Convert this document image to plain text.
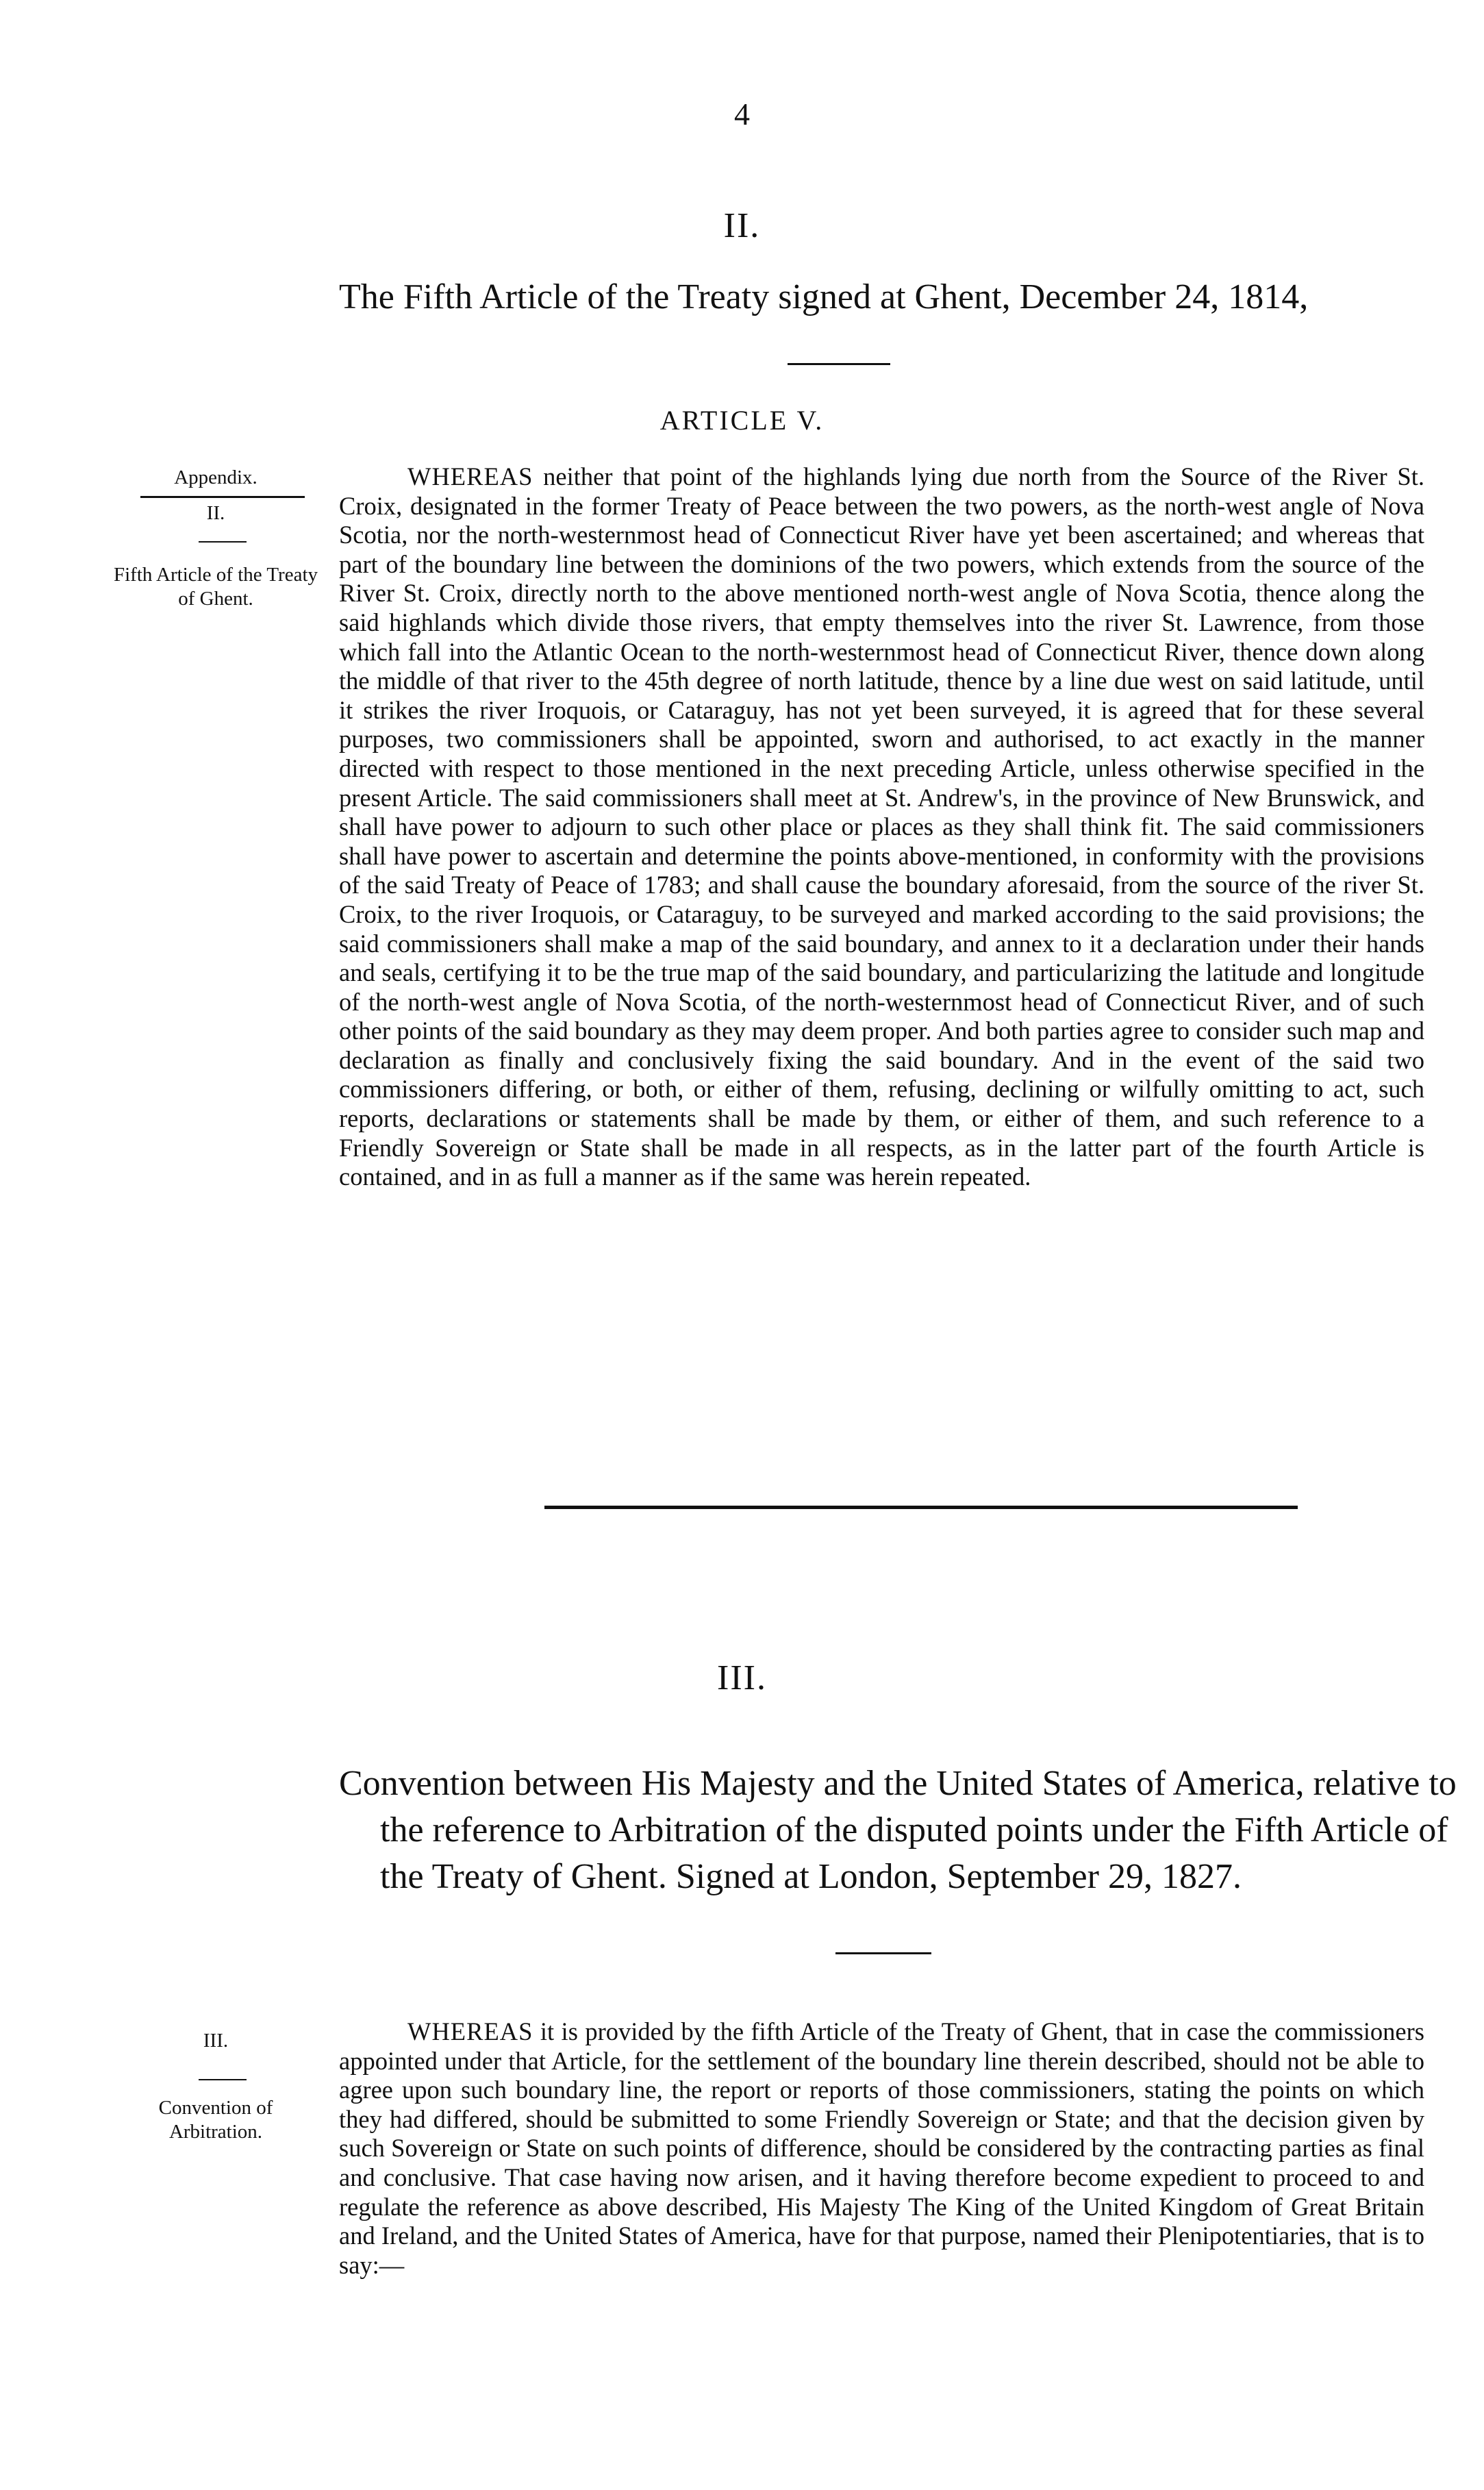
4
II.
The Fifth Article of the Treaty signed at Ghent, December 24, 1814,
ARTICLE V.
Appendix.
II.
Fifth Article of the Treaty of Ghent.
WHEREAS neither that point of the highlands lying due north from the Source of the River St. Croix, designated in the former Treaty of Peace between the two powers, as the north-west angle of Nova Scotia, nor the north-westernmost head of Connecticut River have yet been ascertained; and whereas that part of the boundary line between the dominions of the two powers, which extends from the source of the River St. Croix, directly north to the above mentioned north-west angle of Nova Scotia, thence along the said highlands which divide those rivers, that empty themselves into the river St. Lawrence, from those which fall into the Atlantic Ocean to the north-westernmost head of Connecticut River, thence down along the middle of that river to the 45th degree of north latitude, thence by a line due west on said latitude, until it strikes the river Iroquois, or Cataraguy, has not yet been surveyed, it is agreed that for these several purposes, two commissioners shall be appointed, sworn and authorised, to act exactly in the manner directed with respect to those mentioned in the next preceding Article, unless otherwise specified in the present Article. The said commissioners shall meet at St. Andrew's, in the province of New Brunswick, and shall have power to adjourn to such other place or places as they shall think fit. The said commissioners shall have power to ascertain and determine the points above-mentioned, in conformity with the provisions of the said Treaty of Peace of 1783; and shall cause the boundary aforesaid, from the source of the river St. Croix, to the river Iroquois, or Cataraguy, to be surveyed and marked according to the said provisions; the said commissioners shall make a map of the said boundary, and annex to it a declaration under their hands and seals, certifying it to be the true map of the said boundary, and particularizing the latitude and longitude of the north-west angle of Nova Scotia, of the north-westernmost head of Connecticut River, and of such other points of the said boundary as they may deem proper. And both parties agree to consider such map and declaration as finally and conclusively fixing the said boundary. And in the event of the said two commissioners differing, or both, or either of them, refusing, declining or wilfully omitting to act, such reports, declarations or statements shall be made by them, or either of them, and such reference to a Friendly Sovereign or State shall be made in all respects, as in the latter part of the fourth Article is contained, and in as full a manner as if the same was herein repeated.
III.
Convention between His Majesty and the United States of America, relative to the reference to Arbitration of the disputed points under the Fifth Article of the Treaty of Ghent. Signed at London, September 29, 1827.
III.
Convention of Arbitration.
WHEREAS it is provided by the fifth Article of the Treaty of Ghent, that in case the commissioners appointed under that Article, for the settlement of the boundary line therein described, should not be able to agree upon such boundary line, the report or reports of those commissioners, stating the points on which they had differed, should be submitted to some Friendly Sovereign or State; and that the decision given by such Sovereign or State on such points of difference, should be considered by the contracting parties as final and conclusive. That case having now arisen, and it having therefore become expedient to proceed to and regulate the reference as above described, His Majesty The King of the United Kingdom of Great Britain and Ireland, and the United States of America, have for that purpose, named their Plenipotentiaries, that is to say:—
